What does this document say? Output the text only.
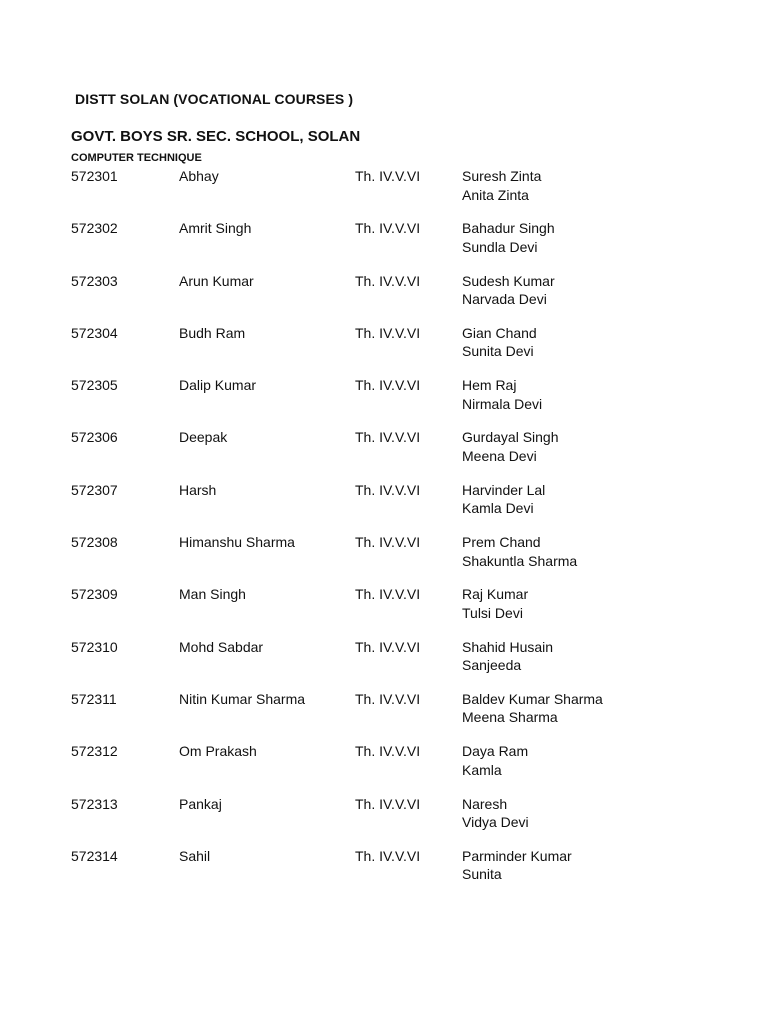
DISTT SOLAN (VOCATIONAL COURSES )
GOVT. BOYS SR. SEC. SCHOOL, SOLAN
COMPUTER TECHNIQUE
572301	Abhay	Th. IV.V.VI	Suresh Zinta
Anita Zinta
572302	Amrit Singh	Th. IV.V.VI	Bahadur Singh
Sundla Devi
572303	Arun Kumar	Th. IV.V.VI	Sudesh Kumar
Narvada Devi
572304	Budh Ram	Th. IV.V.VI	Gian Chand
Sunita Devi
572305	Dalip Kumar	Th. IV.V.VI	Hem Raj
Nirmala Devi
572306	Deepak	Th. IV.V.VI	Gurdayal Singh
Meena Devi
572307	Harsh	Th. IV.V.VI	Harvinder Lal
Kamla Devi
572308	Himanshu Sharma	Th. IV.V.VI	Prem Chand
Shakuntla Sharma
572309	Man Singh	Th. IV.V.VI	Raj Kumar
Tulsi Devi
572310	Mohd Sabdar	Th. IV.V.VI	Shahid Husain
Sanjeeda
572311	Nitin Kumar Sharma	Th. IV.V.VI	Baldev Kumar Sharma
Meena Sharma
572312	Om Prakash	Th. IV.V.VI	Daya Ram
Kamla
572313	Pankaj	Th. IV.V.VI	Naresh
Vidya Devi
572314	Sahil	Th. IV.V.VI	Parminder Kumar
Sunita
